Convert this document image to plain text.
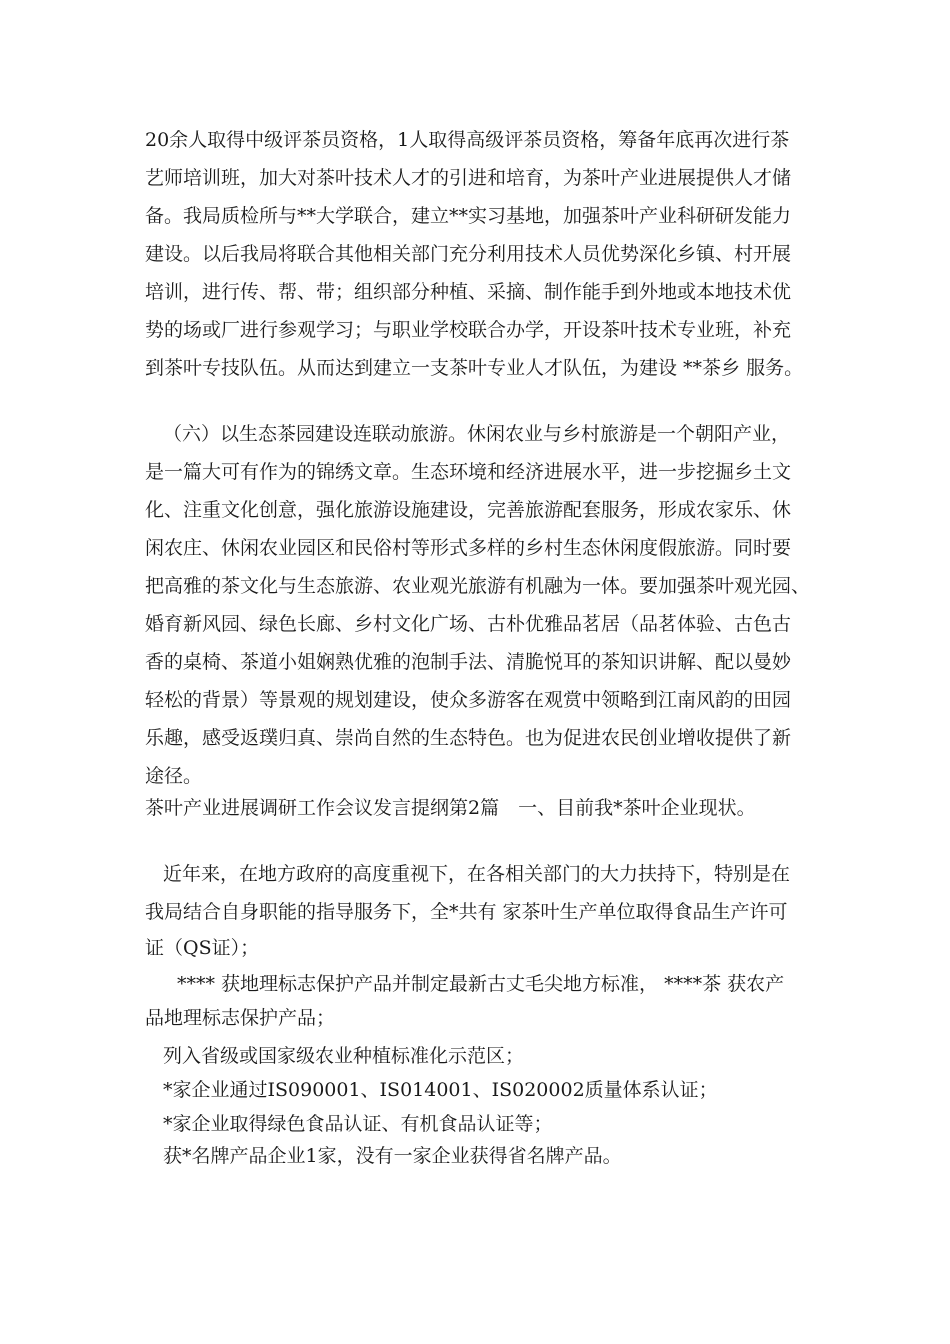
20余人取得中级评茶员资格，1人取得高级评茶员资格，筹备年底再次进行茶
艺师培训班，加大对茶叶技术人才的引进和培育，为茶叶产业进展提供人才储
备。我局质检所与**大学联合，建立**实习基地，加强茶叶产业科研研发能力
建设。以后我局将联合其他相关部门充分利用技术人员优势深化乡镇、村开展
培训，进行传、帮、带；组织部分种植、采摘、制作能手到外地或本地技术优
势的场或厂进行参观学习；与职业学校联合办学，开设茶叶技术专业班，补充
到茶叶专技队伍。从而达到建立一支茶叶专业人才队伍，为建设 **茶乡 服务。
（六）以生态茶园建设连联动旅游。休闲农业与乡村旅游是一个朝阳产业，
是一篇大可有作为的锦绣文章。生态环境和经济进展水平，进一步挖掘乡土文
化、注重文化创意，强化旅游设施建设，完善旅游配套服务，形成农家乐、休
闲农庄、休闲农业园区和民俗村等形式多样的乡村生态休闲度假旅游。同时要
把高雅的茶文化与生态旅游、农业观光旅游有机融为一体。要加强茶叶观光园、
婚育新风园、绿色长廊、乡村文化广场、古朴优雅品茗居（品茗体验、古色古
香的桌椅、茶道小姐娴熟优雅的泡制手法、清脆悦耳的茶知识讲解、配以曼妙
轻松的背景）等景观的规划建设，使众多游客在观赏中领略到江南风韵的田园
乐趣，感受返璞归真、崇尚自然的生态特色。也为促进农民创业增收提供了新
途径。
茶叶产业进展调研工作会议发言提纲第2篇　一、目前我*茶叶企业现状。
近年来，在地方政府的高度重视下，在各相关部门的大力扶持下，特别是在
我局结合自身职能的指导服务下，全*共有 家茶叶生产单位取得食品生产许可
证（QS证）；
**** 获地理标志保护产品并制定最新古丈毛尖地方标准， ****茶 获农产
品地理标志保护产品；
列入省级或国家级农业种植标准化示范区；
*家企业通过IS090001、IS014001、IS020002质量体系认证；
*家企业取得绿色食品认证、有机食品认证等；
获*名牌产品企业1家，没有一家企业获得省名牌产品。
